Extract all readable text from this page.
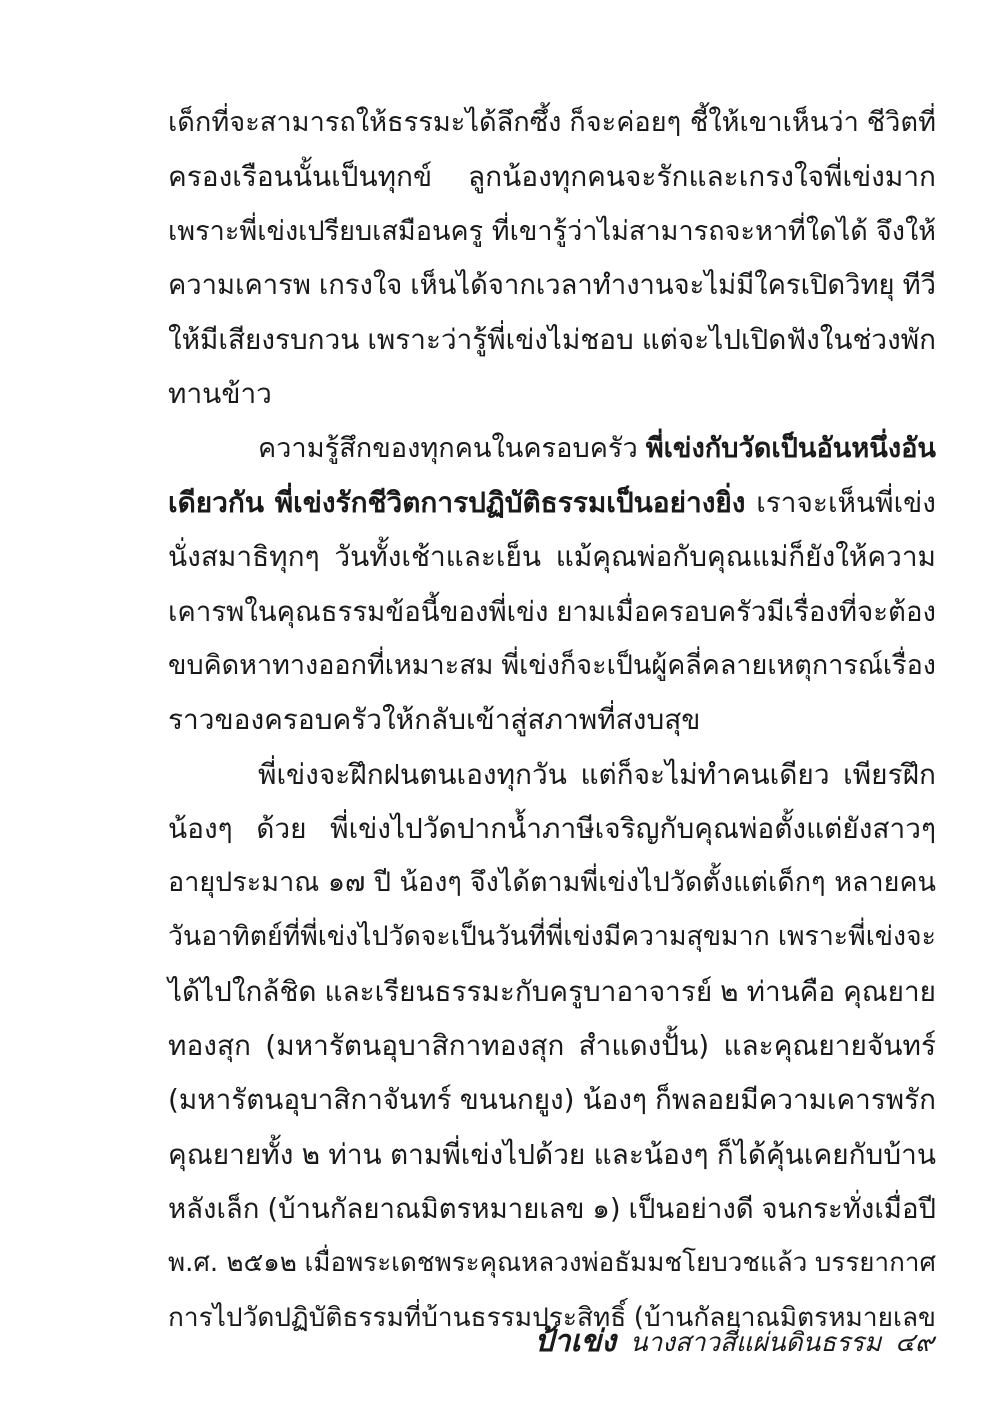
เด็กที่จะสามารถให้ธรรมะได้ลึกซึ้ง ก็จะค่อยๆ ชี้ให้เขาเห็นว่า ชีวิตที่
ครองเรือนนั้นเป็นทุกข์ ลูกน้องทุกคนจะรักและเกรงใจพี่เข่งมาก
เพราะพี่เข่งเปรียบเสมือนครู ที่เขารู้ว่าไม่สามารถจะหาที่ใดได้ จึงให้
ความเคารพ เกรงใจ เห็นได้จากเวลาทำงานจะไม่มีใครเปิดวิทยุ ทีวี
ให้มีเสียงรบกวน เพราะว่ารู้พี่เข่งไม่ชอบ แต่จะไปเปิดฟังในช่วงพัก
ทานข้าว
ความรู้สึกของทุกคนในครอบครัว พี่เข่งกับวัดเป็นอันหนึ่งอัน
เดียวกัน พี่เข่งรักชีวิตการปฏิบัติธรรมเป็นอย่างยิ่ง เราจะเห็นพี่เข่ง
นั่งสมาธิทุกๆ วันทั้งเช้าและเย็น แม้คุณพ่อกับคุณแม่ก็ยังให้ความ
เคารพในคุณธรรมข้อนี้ของพี่เข่ง ยามเมื่อครอบครัวมีเรื่องที่จะต้อง
ขบคิดหาทางออกที่เหมาะสม พี่เข่งก็จะเป็นผู้คลี่คลายเหตุการณ์เรื่อง
ราวของครอบครัวให้กลับเข้าสู่สภาพที่สงบสุข
พี่เข่งจะฝึกฝนตนเองทุกวัน แต่ก็จะไม่ทำคนเดียว เพียรฝึก
น้องๆ ด้วย พี่เข่งไปวัดปากน้ำภาษีเจริญกับคุณพ่อตั้งแต่ยังสาวๆ
อายุประมาณ ๑๗ ปี น้องๆ จึงได้ตามพี่เข่งไปวัดตั้งแต่เด็กๆ หลายคน
วันอาทิตย์ที่พี่เข่งไปวัดจะเป็นวันที่พี่เข่งมีความสุขมาก เพราะพี่เข่งจะ
ได้ไปใกล้ชิด และเรียนธรรมะกับครูบาอาจารย์ ๒ ท่านคือ คุณยาย
ทองสุก (มหารัตนอุบาสิกาทองสุก สำแดงปั้น) และคุณยายจันทร์
(มหารัตนอุบาสิกาจันทร์ ขนนกยูง) น้องๆ ก็พลอยมีความเคารพรัก
คุณยายทั้ง ๒ ท่าน ตามพี่เข่งไปด้วย และน้องๆ ก็ได้คุ้นเคยกับบ้าน
หลังเล็ก (บ้านกัลยาณมิตรหมายเลข ๑) เป็นอย่างดี จนกระทั่งเมื่อปี
พ.ศ. ๒๕๑๒ เมื่อพระเดชพระคุณหลวงพ่อธัมมชโยบวชแล้ว บรรยากาศ
การไปวัดปฏิบัติธรรมที่บ้านธรรมประสิทธิ์ (บ้านกัลยาณมิตรหมายเลข
ป้าเข่ง นางสาวสี่แผ่นดินธรรม ๔๙
